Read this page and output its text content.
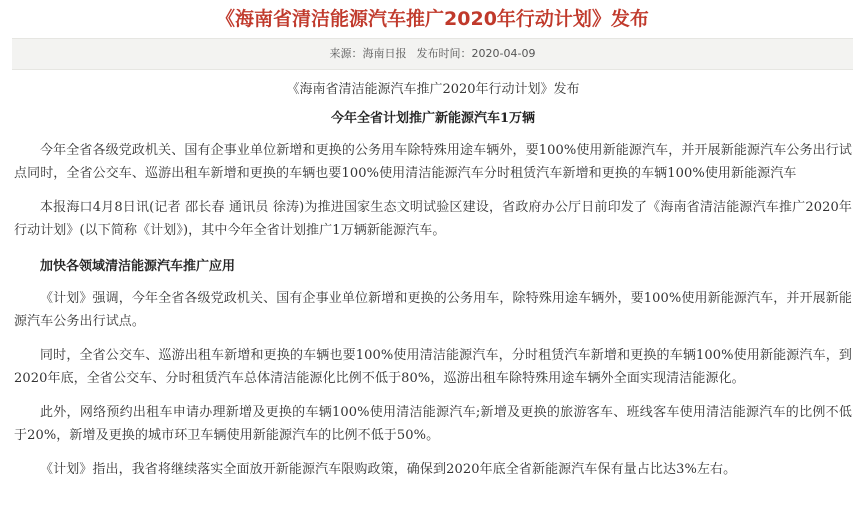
《海南省清洁能源汽车推广2020年行动计划》发布
来源：海南日报 发布时间：2020-04-09
《海南省清洁能源汽车推广2020年行动计划》发布
今年全省计划推广新能源汽车1万辆

今年全省各级党政机关、国有企事业单位新增和更换的公务用车除特殊用途车辆外，要100%使用新能源汽车，并开展新能源汽车公务出行试点同时，全省公交车、巡游出租车新增和更换的车辆也要100%使用清洁能源汽车分时租赁汽车新增和更换的车辆100%使用新能源汽车

本报海口4月8日讯(记者 邵长春 通讯员 徐涛)为推进国家生态文明试验区建设，省政府办公厅日前印发了《海南省清洁能源汽车推广2020年行动计划》(以下简称《计划》)，其中今年全省计划推广1万辆新能源汽车。

加快各领域清洁能源汽车推广应用

《计划》强调，今年全省各级党政机关、国有企事业单位新增和更换的公务用车，除特殊用途车辆外，要100%使用新能源汽车，并开展新能源汽车公务出行试点。

同时，全省公交车、巡游出租车新增和更换的车辆也要100%使用清洁能源汽车，分时租赁汽车新增和更换的车辆100%使用新能源汽车，到2020年底，全省公交车、分时租赁汽车总体清洁能源化比例不低于80%，巡游出租车除特殊用途车辆外全面实现清洁能源化。

此外，网络预约出租车申请办理新增及更换的车辆100%使用清洁能源汽车;新增及更换的旅游客车、班线客车使用清洁能源汽车的比例不低于20%，新增及更换的城市环卫车辆使用新能源汽车的比例不低于50%。

《计划》指出，我省将继续落实全面放开新能源汽车限购政策，确保到2020年底全省新能源汽车保有量占比达3%左右。
